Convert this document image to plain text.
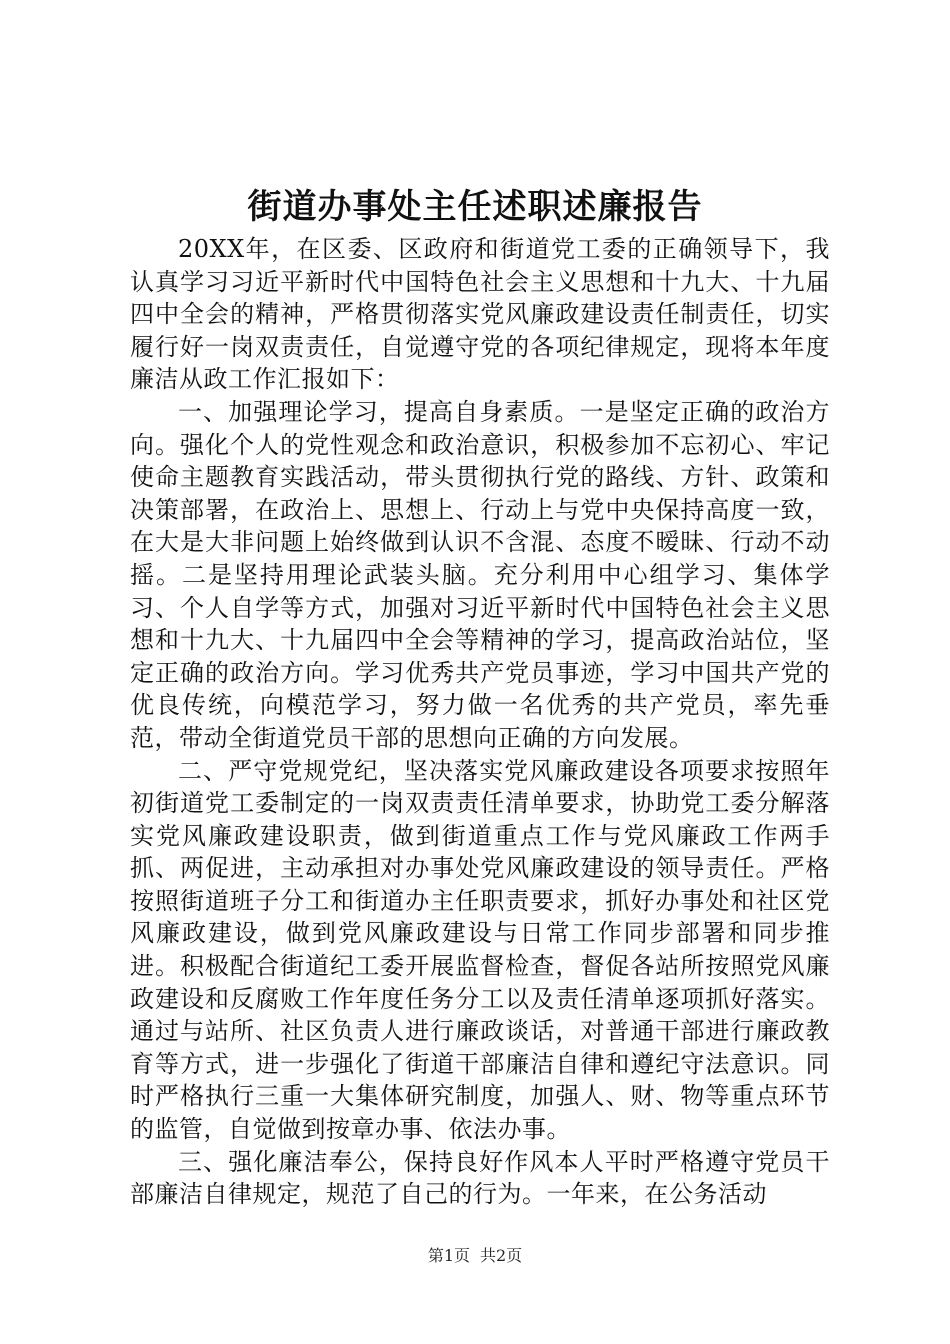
街道办事处主任述职述廉报告

20XX年，在区委、区政府和街道党工委的正确领导下，我认真学习习近平新时代中国特色社会主义思想和十九大、十九届四中全会的精神，严格贯彻落实党风廉政建设责任制责任，切实履行好一岗双责责任，自觉遵守党的各项纪律规定，现将本年度廉洁从政工作汇报如下：

一、加强理论学习，提高自身素质。一是坚定正确的政治方向。强化个人的党性观念和政治意识，积极参加不忘初心、牢记使命主题教育实践活动，带头贯彻执行党的路线、方针、政策和决策部署，在政治上、思想上、行动上与党中央保持高度一致，在大是大非问题上始终做到认识不含混、态度不暧昧、行动不动摇。二是坚持用理论武装头脑。充分利用中心组学习、集体学习、个人自学等方式，加强对习近平新时代中国特色社会主义思想和十九大、十九届四中全会等精神的学习，提高政治站位，坚定正确的政治方向。学习优秀共产党员事迹，学习中国共产党的优良传统，向模范学习，努力做一名优秀的共产党员，率先垂范，带动全街道党员干部的思想向正确的方向发展。

二、严守党规党纪，坚决落实党风廉政建设各项要求按照年初街道党工委制定的一岗双责责任清单要求，协助党工委分解落实党风廉政建设职责，做到街道重点工作与党风廉政工作两手抓、两促进，主动承担对办事处党风廉政建设的领导责任。严格按照街道班子分工和街道办主任职责要求，抓好办事处和社区党风廉政建设，做到党风廉政建设与日常工作同步部署和同步推进。积极配合街道纪工委开展监督检查，督促各站所按照党风廉政建设和反腐败工作年度任务分工以及责任清单逐项抓好落实。通过与站所、社区负责人进行廉政谈话，对普通干部进行廉政教育等方式，进一步强化了街道干部廉洁自律和遵纪守法意识。同时严格执行三重一大集体研究制度，加强人、财、物等重点环节的监管，自觉做到按章办事、依法办事。

三、强化廉洁奉公，保持良好作风本人平时严格遵守党员干部廉洁自律规定，规范了自己的行为。一年来，在公务活动

第1页 共2页
